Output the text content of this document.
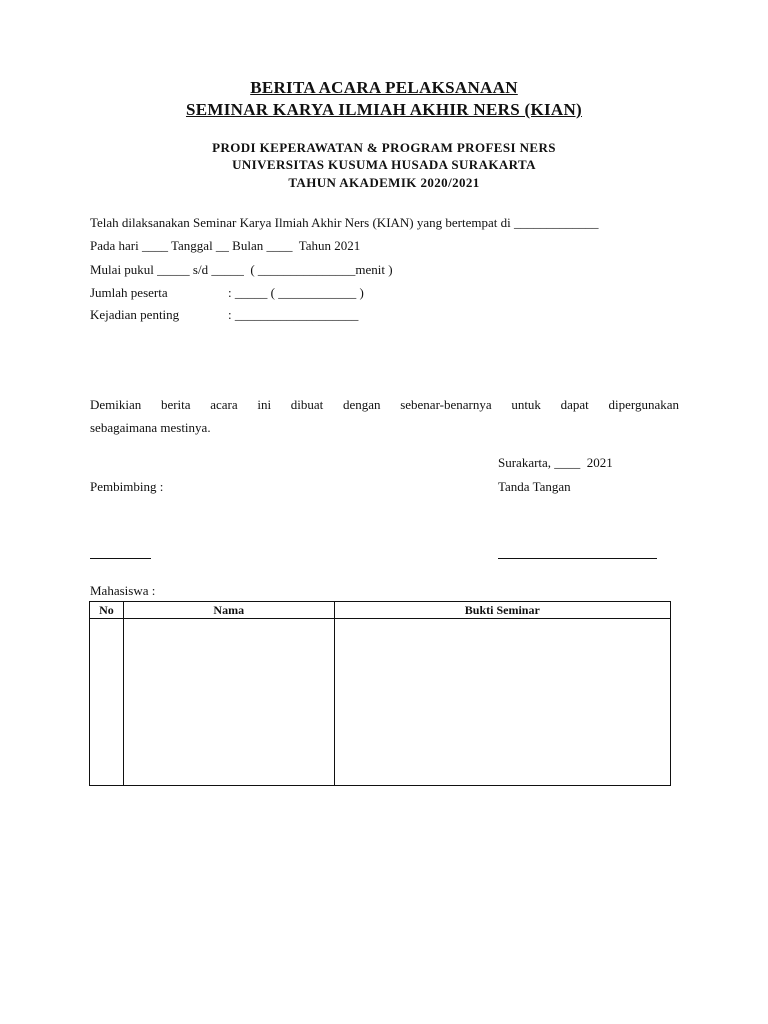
BERITA ACARA PELAKSANAAN
SEMINAR KARYA ILMIAH AKHIR NERS (KIAN)
PRODI KEPERAWATAN & PROGRAM PROFESI NERS
UNIVERSITAS KUSUMA HUSADA SURAKARTA
TAHUN AKADEMIK 2020/2021
Telah dilaksanakan Seminar Karya Ilmiah Akhir Ners (KIAN) yang bertempat di _____________
Pada hari ____ Tanggal __ Bulan ____  Tahun 2021
Mulai pukul _____ s/d _____  ( _______________menit )
Jumlah peserta	: _____ ( ____________ )
Kejadian penting	: ___________________
Demikian berita acara ini dibuat dengan sebenar-benarnya untuk dapat dipergunakan
sebagaimana mestinya.
Surakarta, ____  2021
Pembimbing :	Tanda Tangan
Mahasiswa :
No	Nama	Bukti Seminar
